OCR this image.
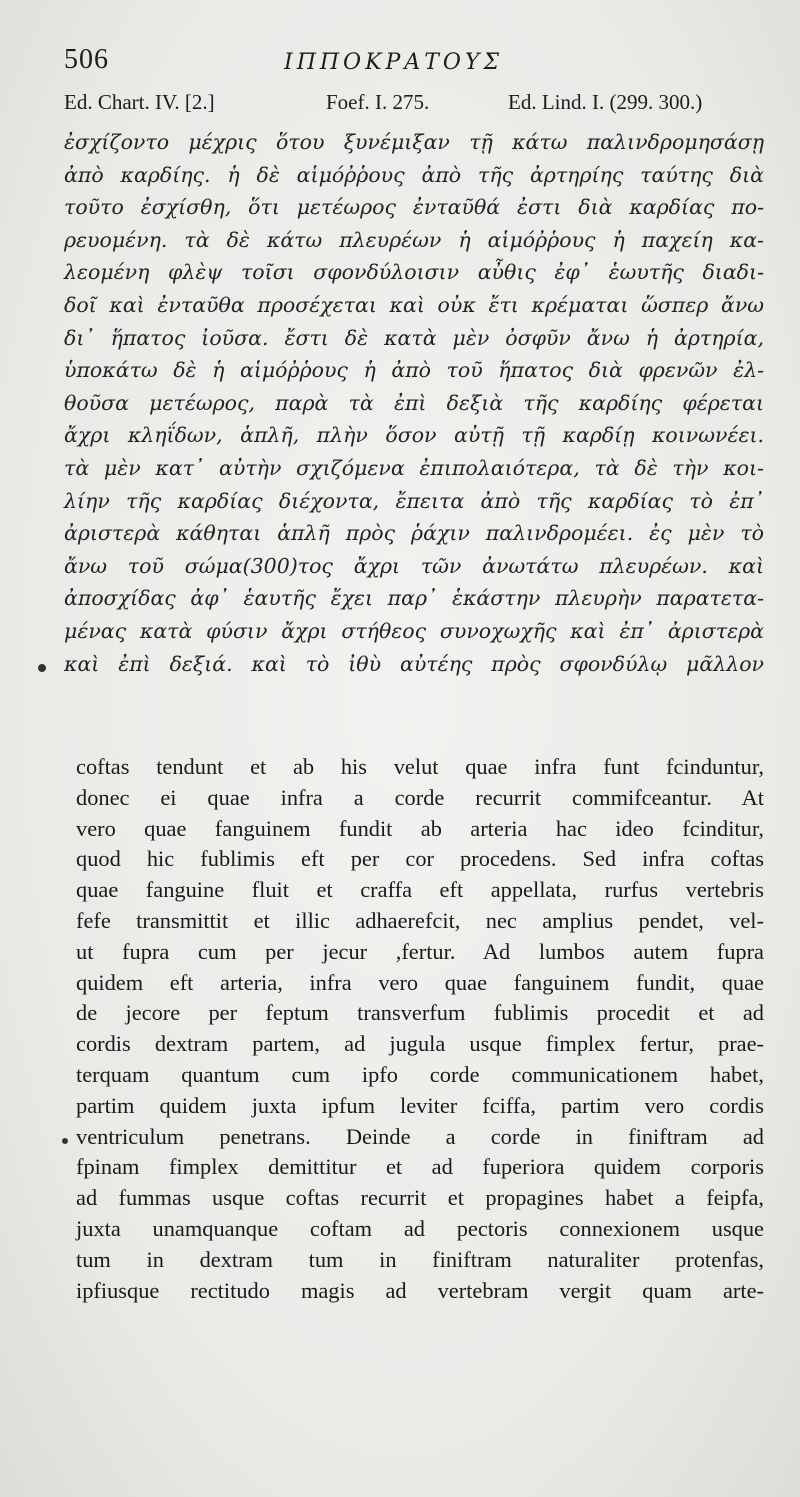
506	ΙΠΠΟΚΡΑΤΟΥΣ
Ed. Chart. IV. [2.]	Foef. I. 275.	Ed. Lind. I. (299. 300.)
ἐσχίζοντο μέχρις ὅτου ξυνέμιξαν τῇ κάτω παλινδρομησάσῃ
ἀπὸ καρδίης. ἡ δὲ αἱμόῤῥους ἀπὸ τῆς ἀρτηρίης ταύτης διὰ
τοῦτο ἐσχίσθη, ὅτι μετέωρος ἐνταῦθά ἐστι διὰ καρδίας πο-
ρευομένη. τὰ δὲ κάτω πλευρέων ἡ αἱμόῤῥους ἡ παχείη κα-
λεομένη φλὲψ τοῖσι σφονδύλοισιν αὖθις ἐφ᾽ ἑωυτῆς διαδι-
δοῖ καὶ ἐνταῦθα προσέχεται καὶ οὐκ ἔτι κρέμαται ὥσπερ ἄνω
δι᾽ ἥπατος ἰοῦσα. ἔστι δὲ κατὰ μὲν ὀσφῦν ἄνω ἡ ἀρτηρία,
ὑποκάτω δὲ ἡ αἱμόῤῥους ἡ ἀπὸ τοῦ ἥπατος διὰ φρενῶν ἐλ-
θοῦσα μετέωρος, παρὰ τὰ ἐπὶ δεξιὰ τῆς καρδίης φέρεται
ἄχρι κληΐδων, ἁπλῆ, πλὴν ὅσον αὐτῇ τῇ καρδίῃ κοινωνέει.
τὰ μὲν κατ᾽ αὐτὴν σχιζόμενα ἐπιπολαιότερα, τὰ δὲ τὴν κοι-
λίην τῆς καρδίας διέχοντα, ἔπειτα ἀπὸ τῆς καρδίας τὸ ἐπ᾽
ἀριστερὰ κάθηται ἁπλῆ πρὸς ῥάχιν παλινδρομέει. ἐς μὲν τὸ
ἄνω τοῦ σώμα(300)τος ἄχρι τῶν ἀνωτάτω πλευρέων. καὶ
ἀποσχίδας ἀφ᾽ ἑαυτῆς ἔχει παρ᾽ ἑκάστην πλευρὴν παρατετα-
μένας κατὰ φύσιν ἄχρι στήθεος συνοχωχῆς καὶ ἐπ᾽ ἀριστερὰ
καὶ ἐπὶ δεξιά. καὶ τὸ ἰθὺ αὐτέης πρὸς σφονδύλῳ μᾶλλον
coftas tendunt et ab his velut quae infra funt fcinduntur,
donec ei quae infra a corde recurrit commifceantur. At
vero quae fanguinem fundit ab arteria hac ideo fcinditur,
quod hic fublimis eft per cor procedens. Sed infra coftas
quae fanguine fluit et craffa eft appellata, rurfus vertebris
fefe transmittit et illic adhaerefcit, nec amplius pendet, vel-
ut fupra cum per jecur ,fertur. Ad lumbos autem fupra
quidem eft arteria, infra vero quae fanguinem fundit, quae
de jecore per feptum transverfum fublimis procedit et ad
cordis dextram partem, ad jugula usque fimplex fertur, prae-
terquam quantum cum ipfo corde communicationem habet,
partim quidem juxta ipfum leviter fciffa, partim vero cordis
ventriculum penetrans. Deinde a corde in finiftram ad
fpinam fimplex demittitur et ad fuperiora quidem corporis
ad fummas usque coftas recurrit et propagines habet a feipfa,
juxta unamquanque coftam ad pectoris connexionem usque
tum in dextram tum in finiftram naturaliter protenfas,
ipfiusque rectitudo magis ad vertebram vergit quam arte-
